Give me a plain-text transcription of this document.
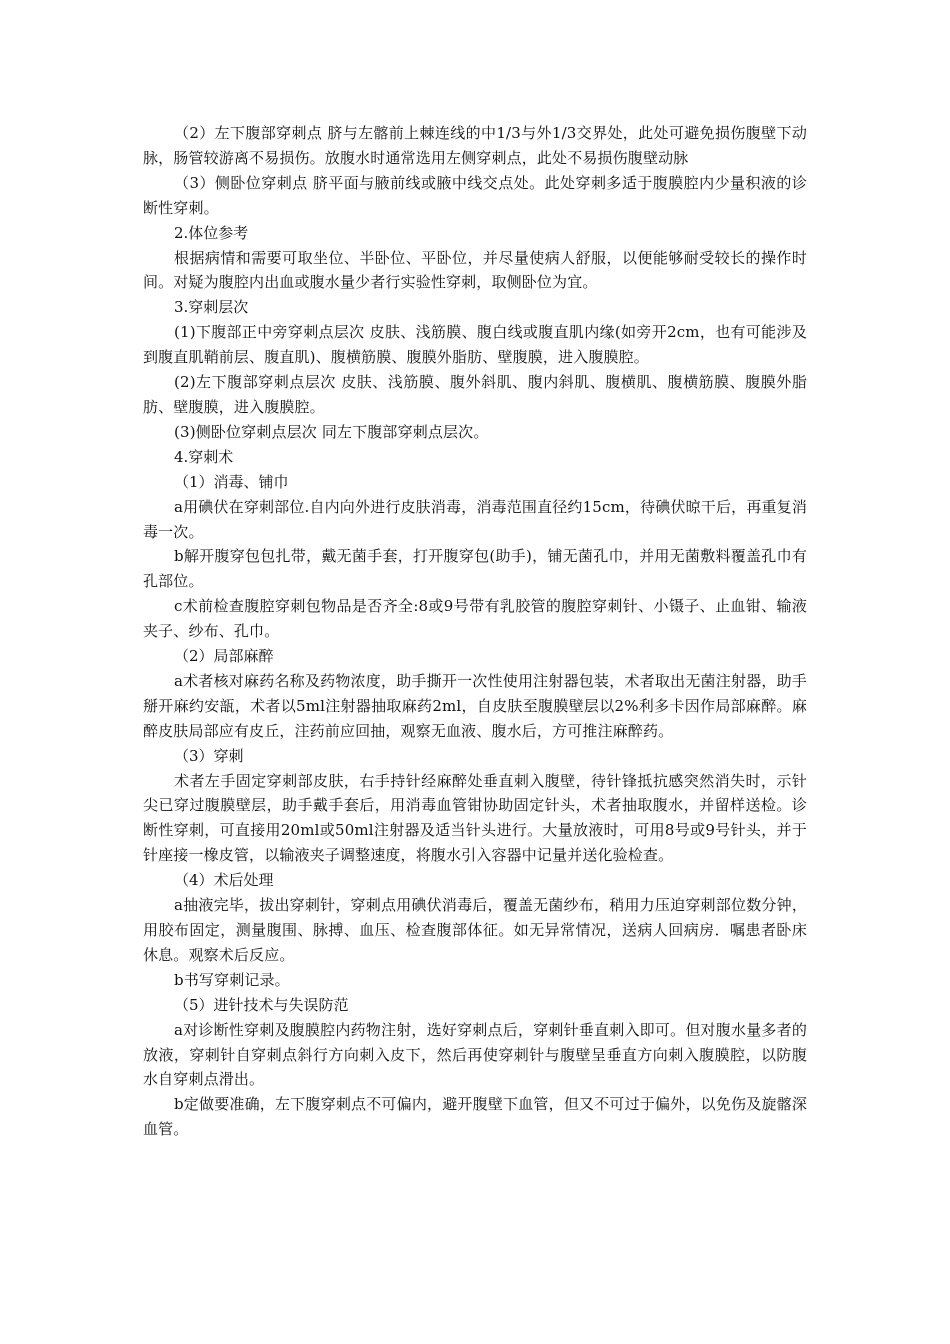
（2）左下腹部穿刺点 脐与左髂前上棘连线的中1/3与外1/3交界处，此处可避免损伤腹壁下动脉，肠管较游离不易损伤。放腹水时通常选用左侧穿刺点，此处不易损伤腹壁动脉

（3）侧卧位穿刺点 脐平面与腋前线或腋中线交点处。此处穿刺多适于腹膜腔内少量积液的诊断性穿刺。

2.体位参考

根据病情和需要可取坐位、半卧位、平卧位，并尽量使病人舒服，以便能够耐受较长的操作时间。对疑为腹腔内出血或腹水量少者行实验性穿刺，取侧卧位为宜。

3.穿刺层次

(1)下腹部正中旁穿刺点层次 皮肤、浅筋膜、腹白线或腹直肌内缘(如旁开2cm，也有可能涉及到腹直肌鞘前层、腹直肌)、腹横筋膜、腹膜外脂肪、壁腹膜，进入腹膜腔。

(2)左下腹部穿刺点层次 皮肤、浅筋膜、腹外斜肌、腹内斜肌、腹横肌、腹横筋膜、腹膜外脂肪、壁腹膜，进入腹膜腔。

(3)侧卧位穿刺点层次 同左下腹部穿刺点层次。

4.穿刺术

（1）消毒、铺巾

a用碘伏在穿刺部位.自内向外进行皮肤消毒，消毒范围直径约15cm，待碘伏晾干后，再重复消毒一次。

b解开腹穿包包扎带，戴无菌手套，打开腹穿包(助手)，铺无菌孔巾，并用无菌敷料覆盖孔巾有孔部位。

c术前检查腹腔穿刺包物品是否齐全:8或9号带有乳胶管的腹腔穿刺针、小镊子、止血钳、输液夹子、纱布、孔巾。

（2）局部麻醉

a术者核对麻药名称及药物浓度，助手撕开一次性使用注射器包装，术者取出无菌注射器，助手掰开麻约安瓿，术者以5ml注射器抽取麻药2ml，自皮肤至腹膜壁层以2%利多卡因作局部麻醉。麻醉皮肤局部应有皮丘，注药前应回抽，观察无血液、腹水后，方可推注麻醉药。

（3）穿刺

术者左手固定穿刺部皮肤，右手持针经麻醉处垂直刺入腹壁，待针锋抵抗感突然消失时，示针尖已穿过腹膜壁层，助手戴手套后，用消毒血管钳协助固定针头，术者抽取腹水，并留样送检。诊断性穿刺，可直接用20ml或50ml注射器及适当针头进行。大量放液时，可用8号或9号针头，并于针座接一橡皮管，以输液夹子调整速度，将腹水引入容器中记量并送化验检查。

（4）术后处理

a抽液完毕，拔出穿刺针，穿刺点用碘伏消毒后，覆盖无菌纱布，稍用力压迫穿刺部位数分钟，用胶布固定，测量腹围、脉搏、血压、检查腹部体征。如无异常情况，送病人回病房．嘱患者卧床休息。观察术后反应。

b书写穿刺记录。

（5）进针技术与失误防范

a对诊断性穿刺及腹膜腔内药物注射，选好穿刺点后，穿刺针垂直刺入即可。但对腹水量多者的放液，穿刺针自穿刺点斜行方向刺入皮下，然后再使穿刺针与腹壁呈垂直方向刺入腹膜腔，以防腹水自穿刺点滑出。

b定做要准确，左下腹穿刺点不可偏内，避开腹壁下血管，但又不可过于偏外，以免伤及旋髂深血管。
